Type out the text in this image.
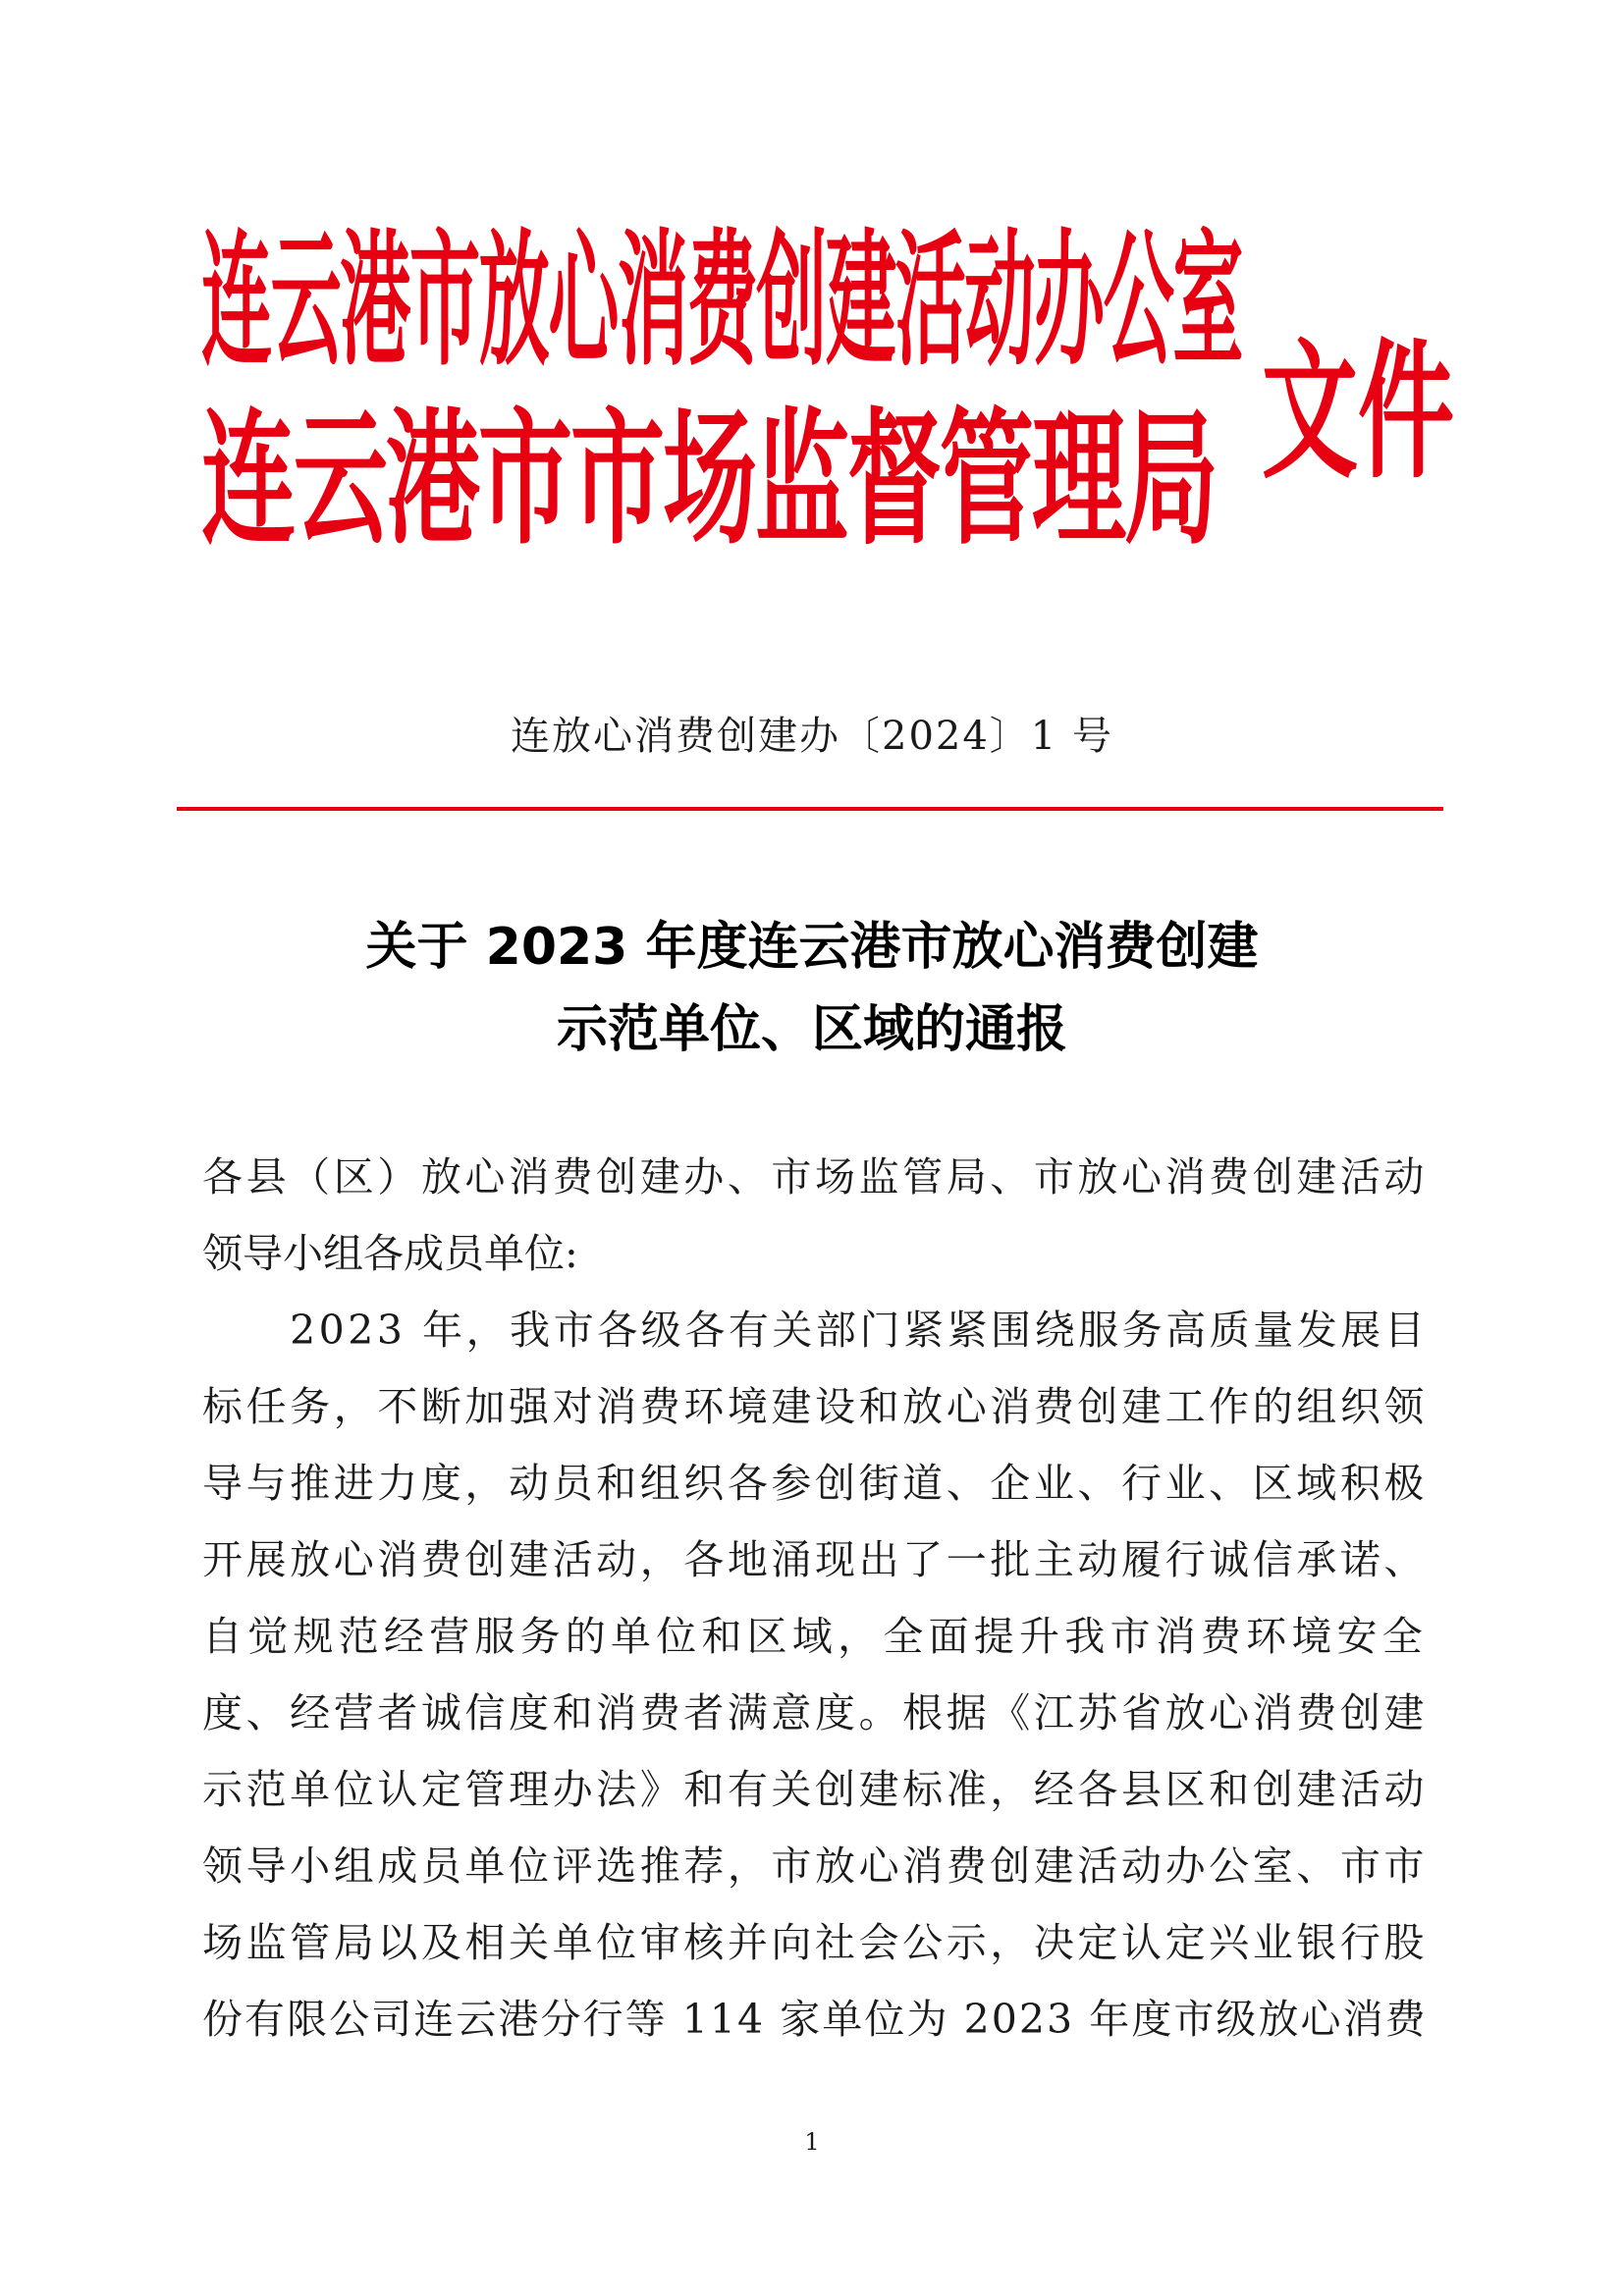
连云港市放心消费创建活动办公室
连云港市市场监督管理局 文件
连放心消费创建办〔2024〕1 号
关于 2023 年度连云港市放心消费创建
示范单位、区域的通报
各县（区）放心消费创建办、市场监管局、市放心消费创建活动
领导小组各成员单位:
　　2023 年，我市各级各有关部门紧紧围绕服务高质量发展目
标任务，不断加强对消费环境建设和放心消费创建工作的组织领
导与推进力度，动员和组织各参创街道、企业、行业、区域积极
开展放心消费创建活动，各地涌现出了一批主动履行诚信承诺、
自觉规范经营服务的单位和区域，全面提升我市消费环境安全
度、经营者诚信度和消费者满意度。根据《江苏省放心消费创建
示范单位认定管理办法》和有关创建标准，经各县区和创建活动
领导小组成员单位评选推荐，市放心消费创建活动办公室、市市
场监管局以及相关单位审核并向社会公示，决定认定兴业银行股
份有限公司连云港分行等 114 家单位为 2023 年度市级放心消费
1
